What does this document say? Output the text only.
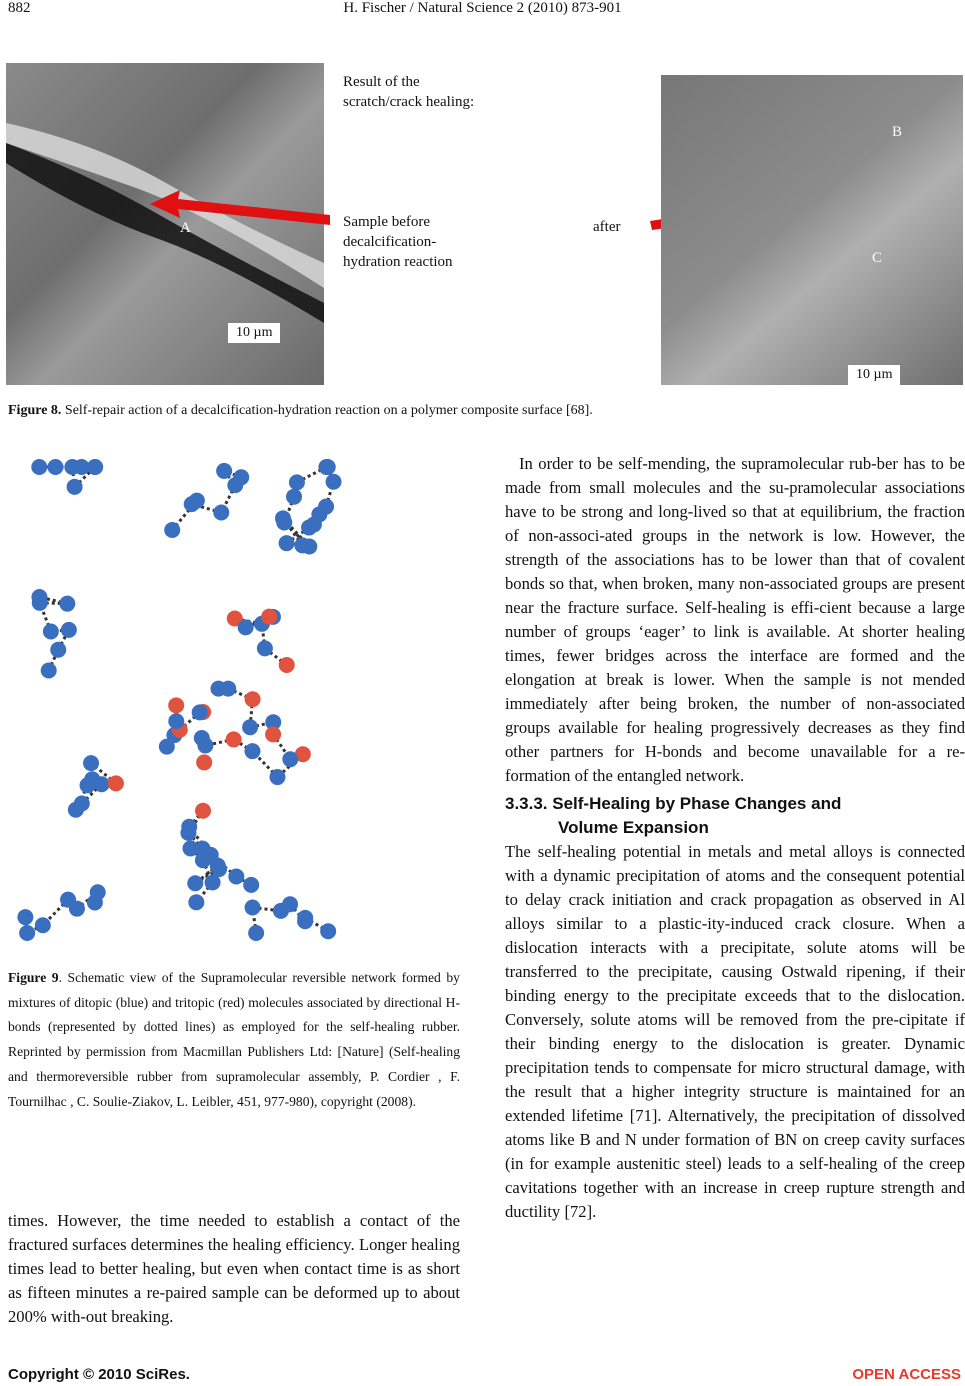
882	H. Fischer / Natural Science 2 (2010) 873-901
A
10 µm
Result of the scratch/crack healing:
Sample before decalcification-hydration reaction
after
B
C
10 µm
Figure 8. Self-repair action of a decalcification-hydration reaction on a polymer composite surface [68].
Figure 9. Schematic view of the Supramolecular reversible network formed by mixtures of ditopic (blue) and tritopic (red) molecules associated by directional H-bonds (represented by dotted lines) as employed for the self-healing rubber. Reprinted by permission from Macmillan Publishers Ltd: [Nature] (Self-healing and thermoreversible rubber from supramolecular assembly, P. Cordier , F. Tournilhac , C. Soulie-Ziakov, L. Leibler, 451, 977-980), copyright (2008).

times. However, the time needed to establish a contact of the fractured surfaces determines the healing efficiency. Longer healing times lead to better healing, but even when contact time is as short as fifteen minutes a re-paired sample can be deformed up to about 200% with-out breaking.

In order to be self-mending, the supramolecular rub-ber has to be made from small molecules and the su-pramolecular associations have to be strong and long-lived so that at equilibrium, the fraction of non-associ-ated groups in the network is low. However, the strength of the associations has to be lower than that of covalent bonds so that, when broken, many non-associated groups are present near the fracture surface. Self-healing is effi-cient because a large number of groups ‘eager’ to link is available. At shorter healing times, fewer bridges across the interface are formed and the elongation at break is lower. When the sample is not mended immediately after being broken, the number of non-associated groups available for healing progressively decreases as they find other partners for H-bonds and become unavailable for a re-formation of the entangled network.

3.3.3. Self-Healing by Phase Changes and
Volume Expansion

The self-healing potential in metals and metal alloys is connected with a dynamic precipitation of atoms and the consequent potential to delay crack initiation and crack propagation as observed in Al alloys similar to a plastic-ity-induced crack closure. When a dislocation interacts with a precipitate, solute atoms will be transferred to the precipitate, causing Ostwald ripening, if their binding energy to the precipitate exceeds that to the dislocation. Conversely, solute atoms will be removed from the pre-cipitate if their binding energy to the dislocation is greater. Dynamic precipitation tends to compensate for micro structural damage, with the result that a higher integrity structure is maintained for an extended lifetime [71]. Alternatively, the precipitation of dissolved atoms like B and N under formation of BN on creep cavity surfaces (in for example austenitic steel) leads to a self-healing of the creep cavitations together with an increase in creep rupture strength and ductility [72].

Copyright © 2010 SciRes.	OPEN ACCESS
